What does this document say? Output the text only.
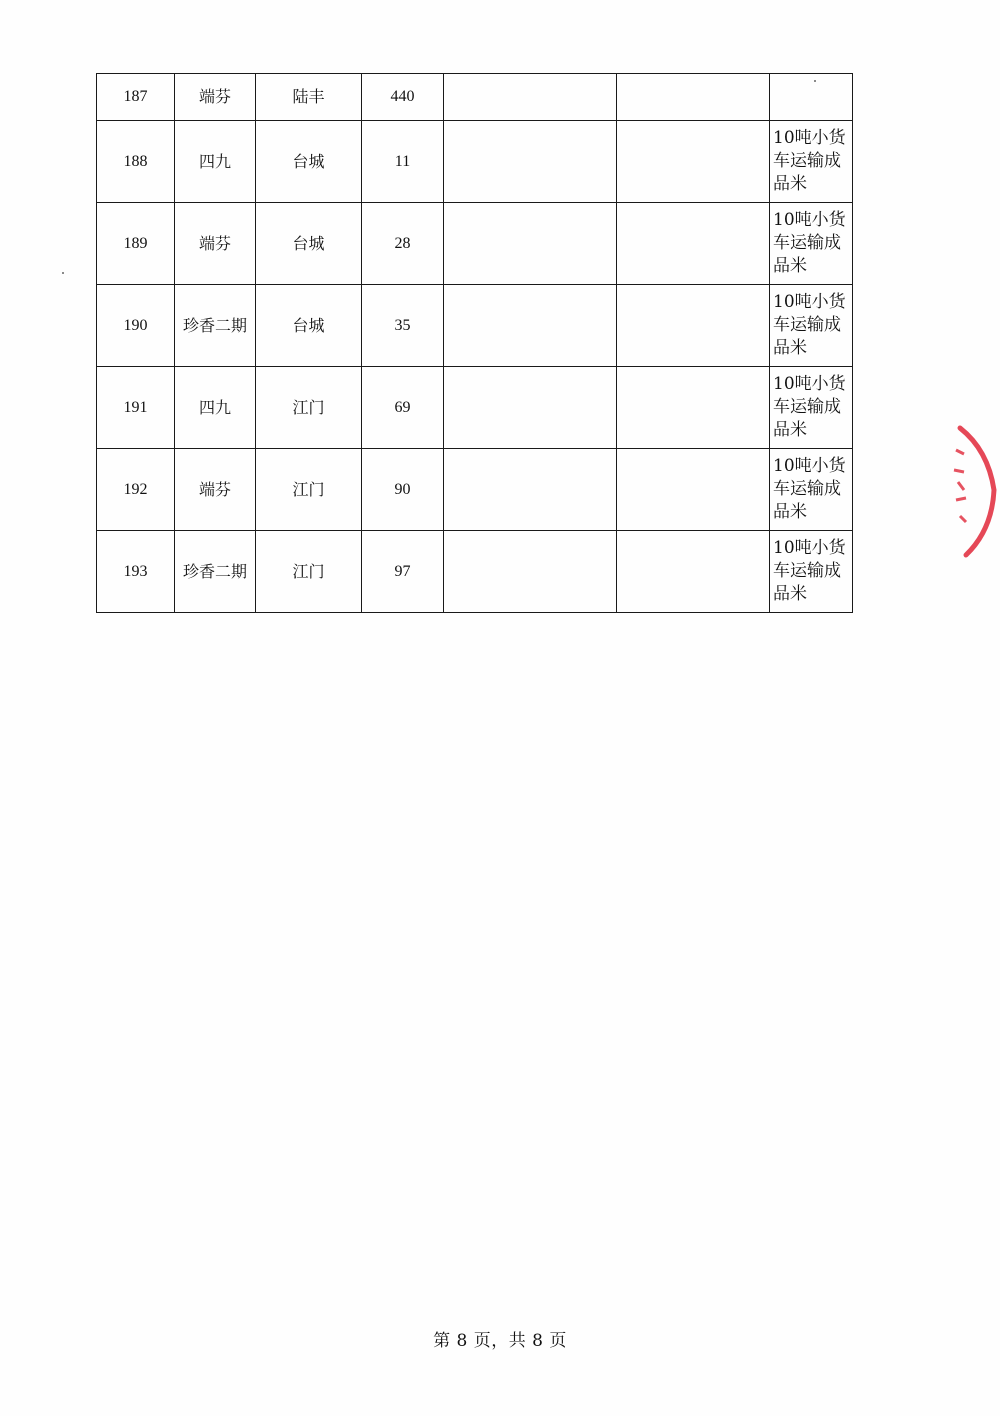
187	端芬	陆丰	440			
188	四九	台城	11			10吨小货车运输成品米
189	端芬	台城	28			10吨小货车运输成品米
190	珍香二期	台城	35			10吨小货车运输成品米
191	四九	江门	69			10吨小货车运输成品米
192	端芬	江门	90			10吨小货车运输成品米
193	珍香二期	江门	97			10吨小货车运输成品米
第 8 页，共 8 页
